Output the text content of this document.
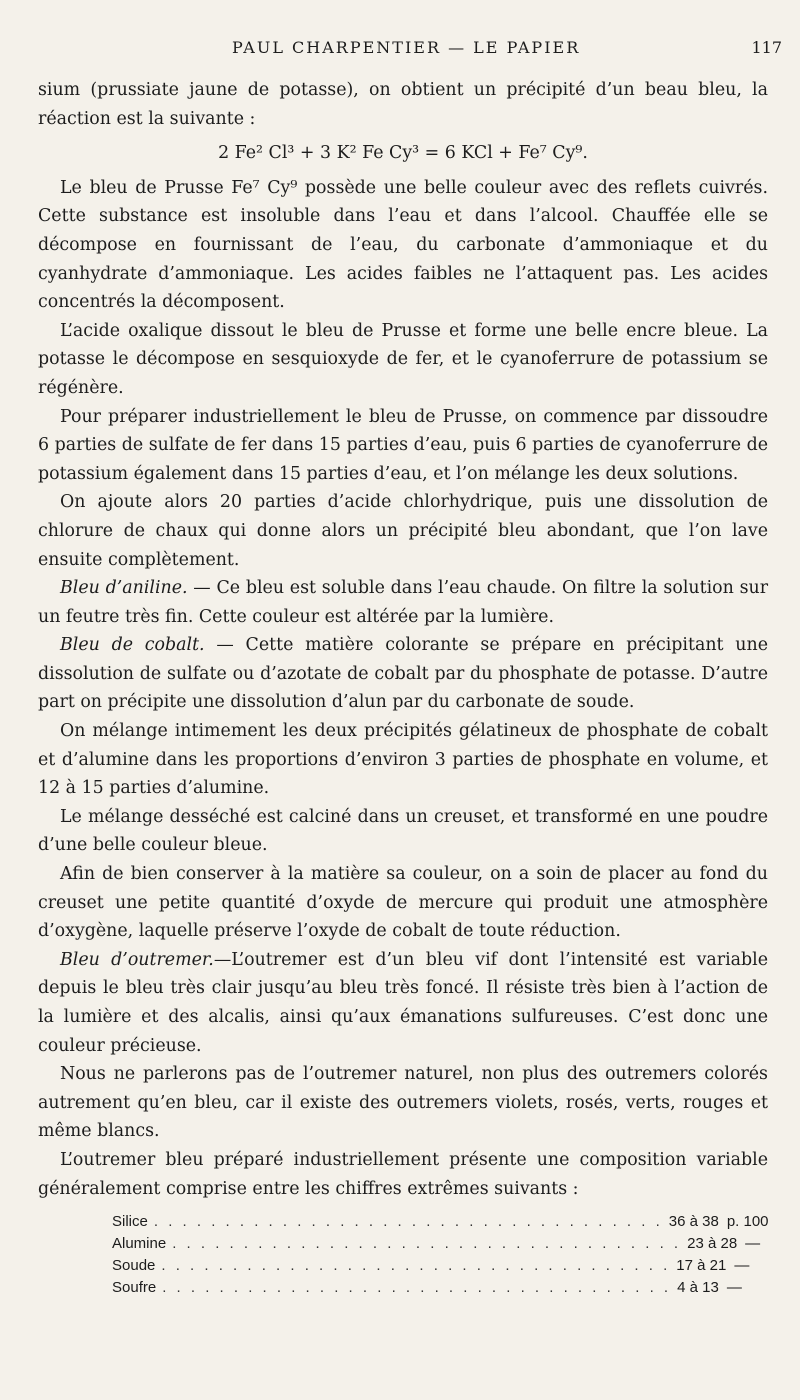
PAUL CHARPENTIER — LE PAPIER	117

sium (prussiate jaune de potasse), on obtient un précipité d’un beau bleu, la réaction est la suivante :

2 Fe² Cl³ + 3 K² Fe Cy³ = 6 KCl + Fe⁷ Cy⁹.

Le bleu de Prusse Fe⁷ Cy⁹ possède une belle couleur avec des reflets cuivrés. Cette substance est insoluble dans l’eau et dans l’alcool. Chauffée elle se décompose en fournissant de l’eau, du carbonate d’ammoniaque et du cyanhydrate d’ammoniaque. Les acides faibles ne l’attaquent pas. Les acides concentrés la décomposent.

L’acide oxalique dissout le bleu de Prusse et forme une belle encre bleue. La potasse le décompose en sesquioxyde de fer, et le cyanoferrure de potassium se régénère.

Pour préparer industriellement le bleu de Prusse, on commence par dissoudre 6 parties de sulfate de fer dans 15 parties d’eau, puis 6 parties de cyanoferrure de potassium également dans 15 parties d’eau, et l’on mélange les deux solutions.

On ajoute alors 20 parties d’acide chlorhydrique, puis une dissolution de chlorure de chaux qui donne alors un précipité bleu abondant, que l’on lave ensuite complètement.

Bleu d’aniline. — Ce bleu est soluble dans l’eau chaude. On filtre la solution sur un feutre très fin. Cette couleur est altérée par la lumière.

Bleu de cobalt. — Cette matière colorante se prépare en précipitant une dissolution de sulfate ou d’azotate de cobalt par du phosphate de potasse. D’autre part on précipite une dissolution d’alun par du carbonate de soude.

On mélange intimement les deux précipités gélatineux de phosphate de cobalt et d’alumine dans les proportions d’environ 3 parties de phosphate en volume, et 12 à 15 parties d’alumine.

Le mélange desséché est calciné dans un creuset, et transformé en une poudre d’une belle couleur bleue.

Afin de bien conserver à la matière sa couleur, on a soin de placer au fond du creuset une petite quantité d’oxyde de mercure qui produit une atmosphère d’oxygène, laquelle préserve l’oxyde de cobalt de toute réduction.

Bleu d’outremer.—L’outremer est d’un bleu vif dont l’intensité est variable depuis le bleu très clair jusqu’au bleu très foncé. Il résiste très bien à l’action de la lumière et des alcalis, ainsi qu’aux émanations sulfureuses. C’est donc une couleur précieuse.

Nous ne parlerons pas de l’outremer naturel, non plus des outremers colorés autrement qu’en bleu, car il existe des outremers violets, rosés, verts, rouges et même blancs.

L’outremer bleu préparé industriellement présente une composition variable généralement comprise entre les chiffres extrêmes suivants :

Silice . . . . . . . . . . . . . . . . . . . . . . . . . . . . . . . . . . . . 36 à 38 p. 100
Alumine . . . . . . . . . . . . . . . . . . . . . . . . . . . . . . . . . . . . 23 à 28 —
Soude . . . . . . . . . . . . . . . . . . . . . . . . . . . . . . . . . . . . 17 à 21 —
Soufre . . . . . . . . . . . . . . . . . . . . . . . . . . . . . . . . . . . . 4 à 13 —
